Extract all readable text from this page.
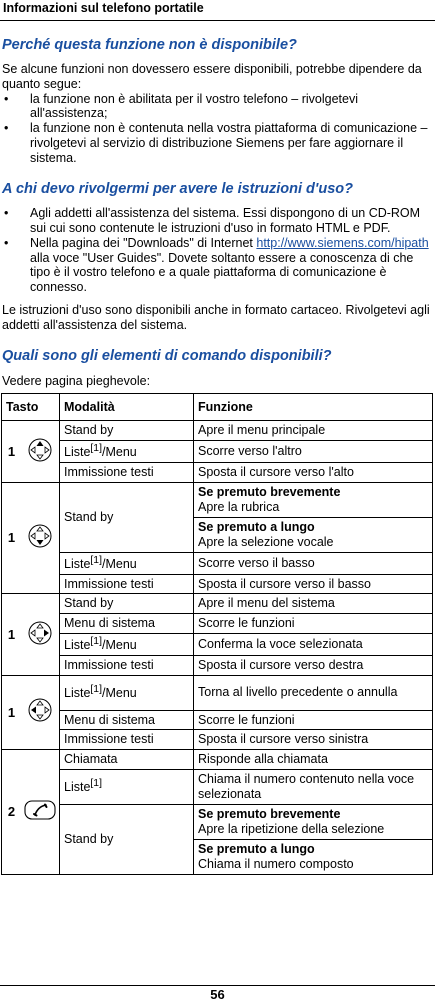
Informazioni sul telefono portatile
Perché questa funzione non è disponibile?

Se alcune funzioni non dovessero essere disponibili, potrebbe dipendere da quanto segue:

• la funzione non è abilitata per il vostro telefono – rivolgetevi all'assistenza;
• la funzione non è contenuta nella vostra piattaforma di comunicazione – rivolgetevi al servizio di distribuzione Siemens per fare aggiornare il sistema.
A chi devo rivolgermi per avere le istruzioni d'uso?
• Agli addetti all'assistenza del sistema. Essi dispongono di un CD-ROM sui cui sono contenute le istruzioni d'uso in formato HTML e PDF.
• Nella pagina dei "Downloads" di Internet http://www.siemens.com/hipath alla voce "User Guides". Dovete soltanto essere a conoscenza di che tipo è il vostro telefono e a quale piattaforma di comunicazione è connesso.

Le istruzioni d'uso sono disponibili anche in formato cartaceo. Rivolgetevi agli addetti all'assistenza del sistema.

Quali sono gli elementi di comando disponibili?

Vedere pagina pieghevole:

Tasto		Modalità	Funzione
1		Stand by	Apre il menu principale
		Liste[1]/Menu	Scorre verso l'altro
		Immissione testi	Sposta il cursore verso l'alto
1		Stand by	Se premuto brevemente
Apre la rubrica

			Se premuto a lungo
Apre la selezione vocale

		Liste[1]/Menu	Scorre verso il basso
		Immissione testi	Sposta il cursore verso il basso
1		Stand by	Apre il menu del sistema
		Menu di sistema	Scorre le funzioni
		Liste[1]/Menu	Conferma la voce selezionata
		Immissione testi	Sposta il cursore verso destra
1		Liste[1]/Menu	Torna al livello precedente o annulla
		Menu di sistema	Scorre le funzioni
		Immissione testi	Sposta il cursore verso sinistra
2		Chiamata	Risponde alla chiamata
		Liste[1]	Chiama il numero contenuto nella voce selezionata
		Stand by	Se premuto brevemente
Apre la ripetizione della selezione

			Se premuto a lungo
Chiama il numero composto
56
